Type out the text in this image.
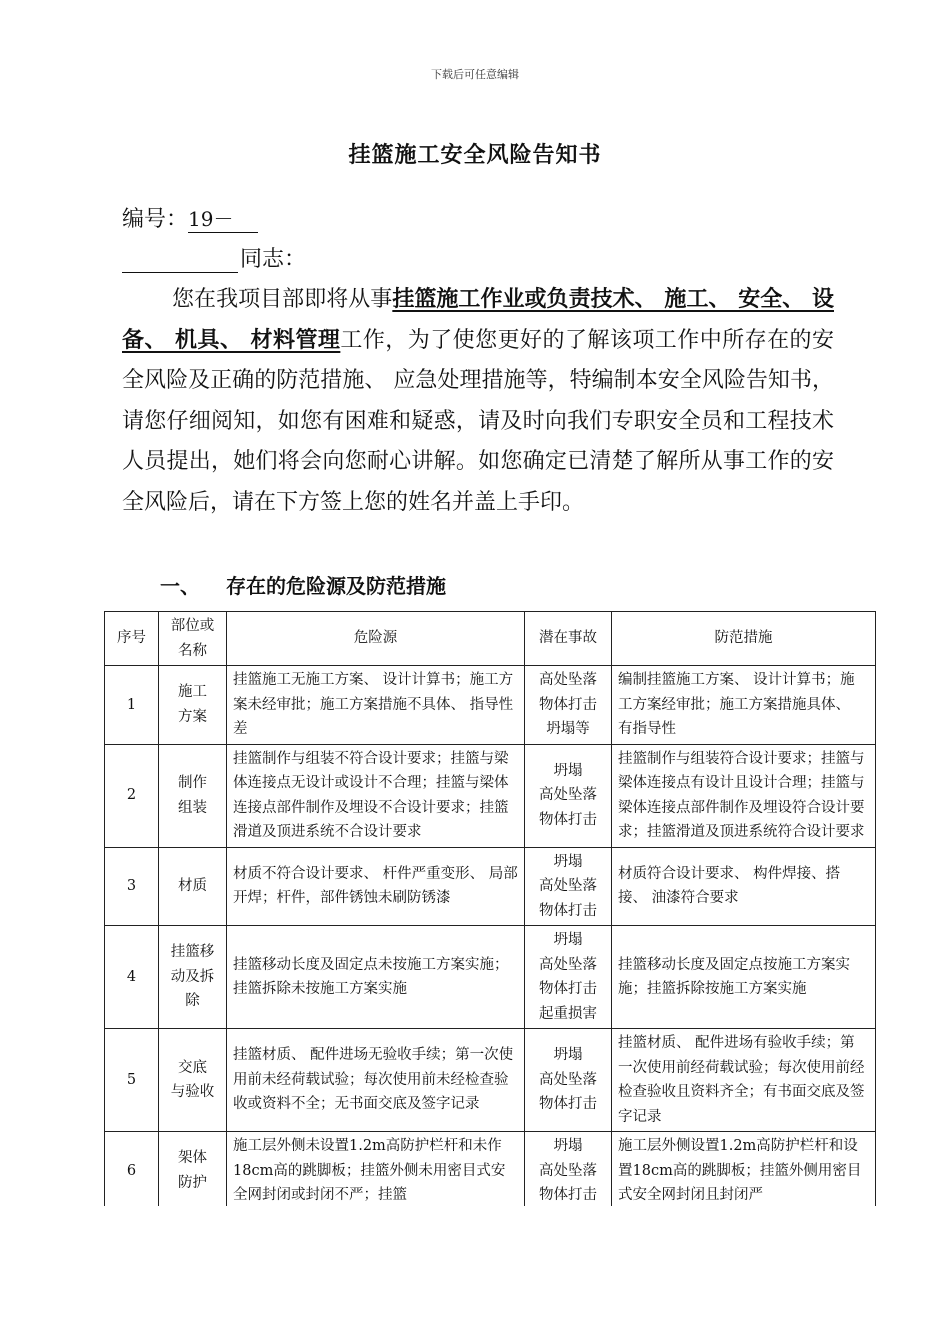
下载后可任意编辑
挂篮施工安全风险告知书
编号：19－
同志：
您在我项目部即将从事挂篮施工作业或负责技术、 施工、 安全、 设备、 机具、 材料管理工作，为了使您更好的了解该项工作中所存在的安全风险及正确的防范措施、 应急处理措施等，特编制本安全风险告知书，请您仔细阅知，如您有困难和疑惑，请及时向我们专职安全员和工程技术人员提出，她们将会向您耐心讲解。如您确定已清楚了解所从事工作的安全风险后，请在下方签上您的姓名并盖上手印。
一、 存在的危险源及防范措施
序号	部位或名称	危险源	潜在事故	防范措施
1	施工
方案	挂篮施工无施工方案、 设计计算书；施工方案未经审批；施工方案措施不具体、 指导性差	高处坠落
物体打击
坍塌等	编制挂篮施工方案、 设计计算书；施工方案经审批；施工方案措施具体、 有指导性
2	制作
组装	挂篮制作与组装不符合设计要求；挂篮与梁体连接点无设计或设计不合理；挂篮与梁体连接点部件制作及埋设不合设计要求；挂篮滑道及顶进系统不合设计要求	坍塌
高处坠落
物体打击	挂篮制作与组装符合设计要求；挂篮与梁体连接点有设计且设计合理；挂篮与梁体连接点部件制作及埋设符合设计要求；挂篮滑道及顶进系统符合设计要求
3	材质	材质不符合设计要求、 杆件严重变形、 局部开焊；杆件，部件锈蚀未刷防锈漆	坍塌
高处坠落
物体打击	材质符合设计要求、 构件焊接、搭接、 油漆符合要求
4	挂篮移
动及拆
除	挂篮移动长度及固定点未按施工方案实施；挂篮拆除未按施工方案实施	坍塌
高处坠落
物体打击
起重损害	挂篮移动长度及固定点按施工方案实施；挂篮拆除按施工方案实施
5	交底
与验收	挂篮材质、 配件进场无验收手续；第一次使用前未经荷载试验；每次使用前未经检查验收或资料不全；无书面交底及签字记录	坍塌
高处坠落
物体打击	挂篮材质、 配件进场有验收手续；第一次使用前经荷载试验；每次使用前经检查验收且资料齐全；有书面交底及签字记录
6	架体
防护	施工层外侧未设置1.2m高防护栏杆和未作18cm高的跳脚板；挂篮外侧未用密目式安全网封闭或封闭不严；挂篮	坍塌
高处坠落
物体打击	施工层外侧设置1.2m高防护栏杆和设置18cm高的跳脚板；挂篮外侧用密目式安全网封闭且封闭严
